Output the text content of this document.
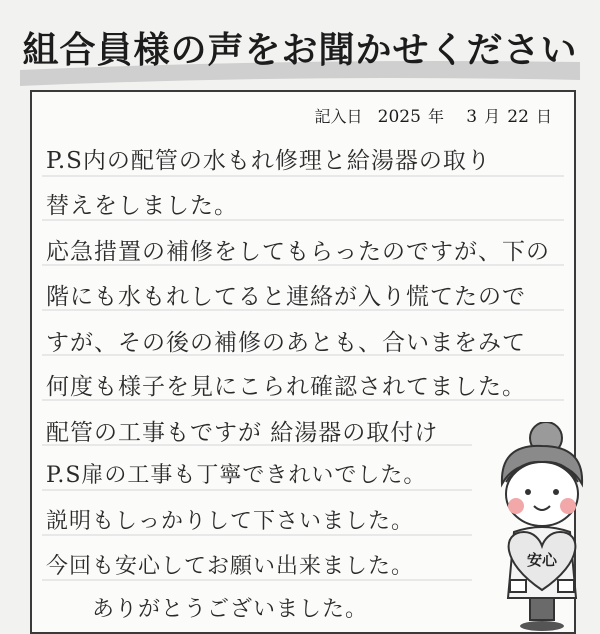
組合員様の声をお聞かせください
記入日 2025 年 3 月 22 日
P.S内の配管の水もれ修理と給湯器の取り
替えをしました。
応急措置の補修をしてもらったのですが、下の
階にも水もれしてると連絡が入り慌てたので
すが、その後の補修のあとも、合いまをみて
何度も様子を見にこられ確認されてました。
配管の工事もですが 給湯器の取付け
P.S扉の工事も丁寧できれいでした。
説明もしっかりして下さいました。
今回も安心してお願い出来ました。
ありがとうございました。
安心
